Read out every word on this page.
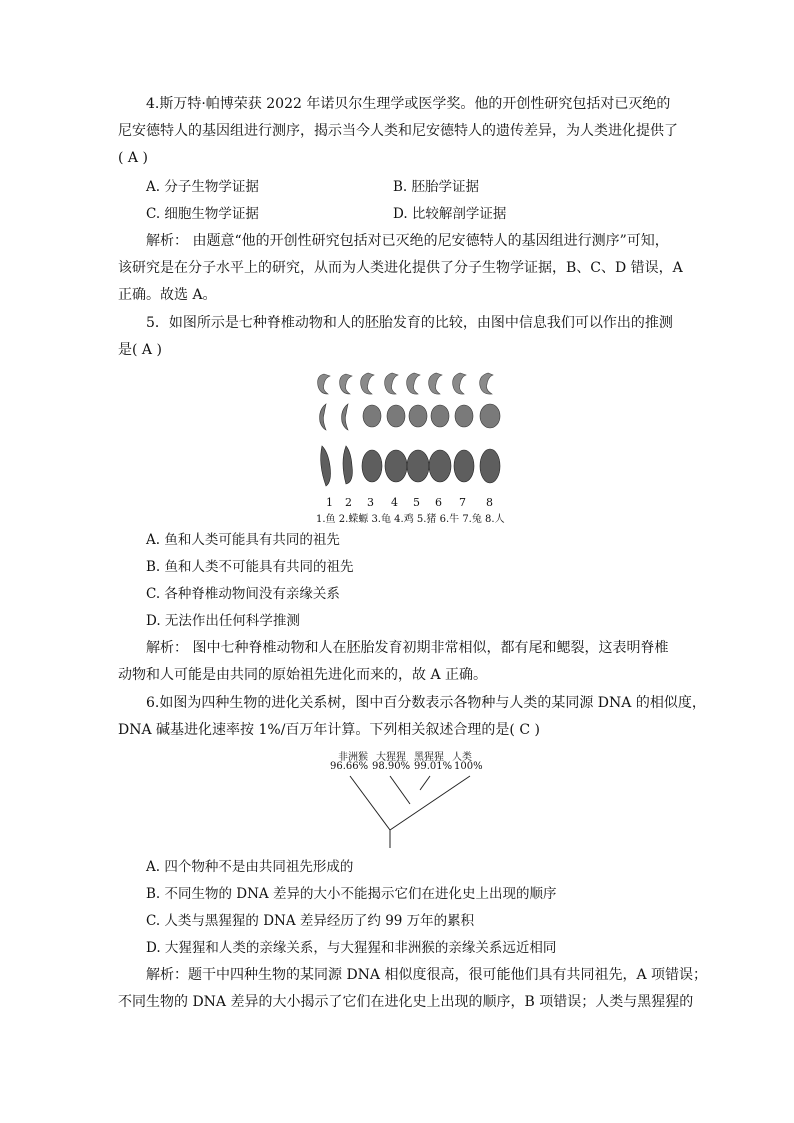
4.斯万特·帕博荣获 2022 年诺贝尔生理学或医学奖。他的开创性研究包括对已灭绝的
尼安德特人的基因组进行测序，揭示当今人类和尼安德特人的遗传差异，为人类进化提供了
( A )
A. 分子生物学证据	B. 胚胎学证据
C. 细胞生物学证据	D. 比较解剖学证据
解析： 由题意“他的开创性研究包括对已灭绝的尼安德特人的基因组进行测序”可知，
该研究是在分子水平上的研究，从而为人类进化提供了分子生物学证据，B、C、D 错误，A
正确。故选 A。
5．如图所示是七种脊椎动物和人的胚胎发育的比较，由图中信息我们可以作出的推测
是( A )
1 2 3 4 5 6 7 8
1.鱼 2.蝾螈 3.龟 4.鸡 5.猪 6.牛 7.兔 8.人
A. 鱼和人类可能具有共同的祖先
B. 鱼和人类不可能具有共同的祖先
C. 各种脊椎动物间没有亲缘关系
D. 无法作出任何科学推测
解析： 图中七种脊椎动物和人在胚胎发育初期非常相似，都有尾和鳃裂，这表明脊椎
动物和人可能是由共同的原始祖先进化而来的，故 A 正确。
6.如图为四种生物的进化关系树，图中百分数表示各物种与人类的某同源 DNA 的相似度，
DNA 碱基进化速率按 1%/百万年计算。下列相关叙述合理的是( C )
非洲猴 大猩猩 黑猩猩 人类
96.66% 98.90% 99.01% 100%
A. 四个物种不是由共同祖先形成的
B. 不同生物的 DNA 差异的大小不能揭示它们在进化史上出现的顺序
C. 人类与黑猩猩的 DNA 差异经历了约 99 万年的累积
D. 大猩猩和人类的亲缘关系，与大猩猩和非洲猴的亲缘关系远近相同
解析：题干中四种生物的某同源 DNA 相似度很高，很可能他们具有共同祖先，A 项错误；
不同生物的 DNA 差异的大小揭示了它们在进化史上出现的顺序，B 项错误；人类与黑猩猩的
